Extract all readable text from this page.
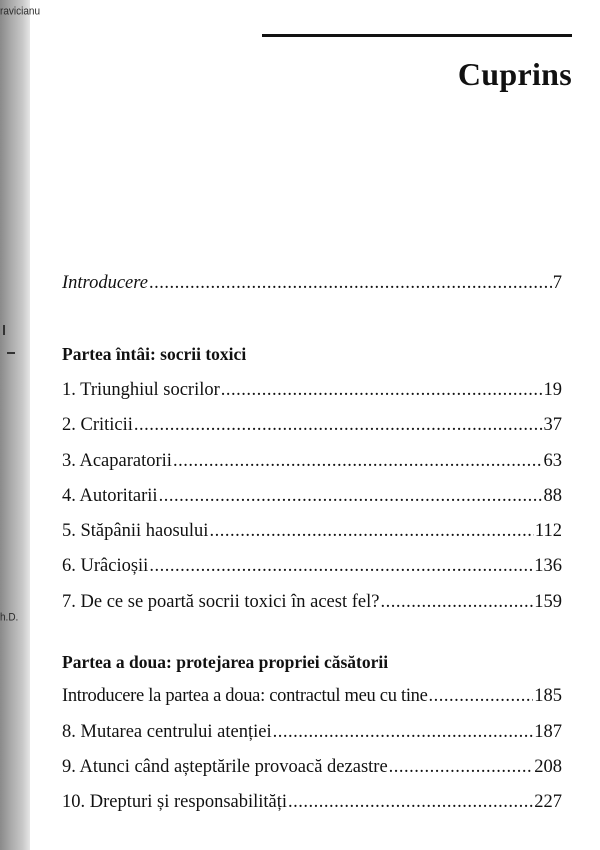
ravicianu
h.D.
Cuprins
Introducere .....	7
Partea întâi: socrii toxici
1. Triunghiul socrilor .....	19
2. Criticii .....	37
3. Acaparatorii .....	63
4. Autoritarii .....	88
5. Stăpânii haosului .....	112
6. Urâcioșii .....	136
7. De ce se poartă socrii toxici în acest fel? .....	159
Partea a doua: protejarea propriei căsătorii
Introducere la partea a doua: contractul meu cu tine .....	185
8. Mutarea centrului atenției .....	187
9. Atunci când așteptările provoacă dezastre .....	208
10. Drepturi și responsabilități .....	227
